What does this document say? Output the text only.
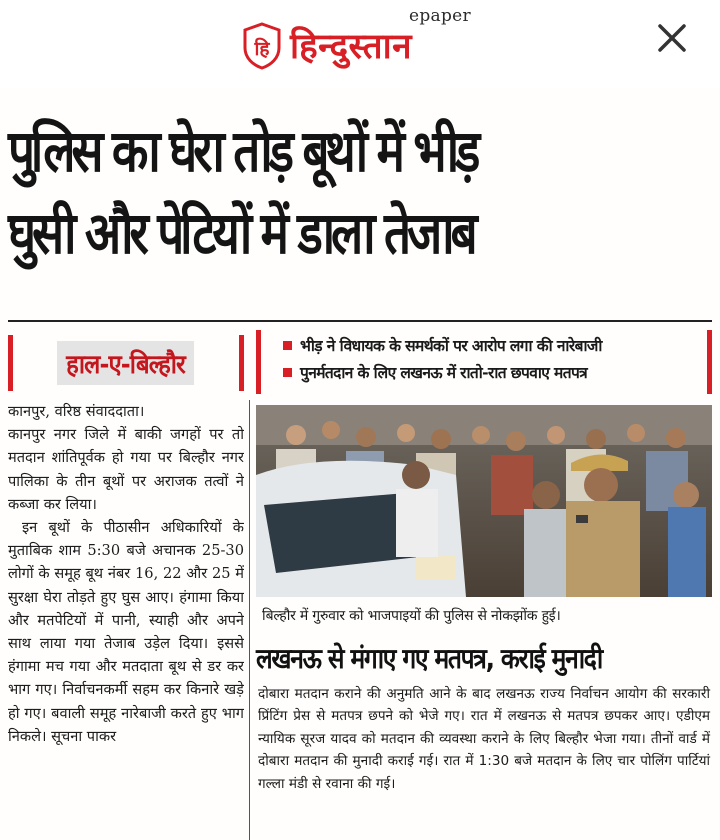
हि
epaper
हिन्दुस्तान
पुलिस का घेरा तोड़ बूथों में भीड़
घुसी और पेटियों में डाला तेजाब
हाल-ए-बिल्हौर
भीड़ ने विधायक के समर्थकों पर आरोप लगा की नारेबाजी
पुनर्मतदान के लिए लखनऊ में रातो-रात छपवाए मतपत्र

कानपुर, वरिष्ठ संवाददाता।

कानपुर नगर जिले में बाकी जगहों पर तो मतदान शांतिपूर्वक हो गया पर बिल्हौर नगर पालिका के तीन बूथों पर अराजक तत्वों ने कब्जा कर लिया।

इन बूथों के पीठासीन अधिकारियों के मुताबिक शाम 5:30 बजे अचानक 25-30 लोगों के समूह बूथ नंबर 16, 22 और 25 में सुरक्षा घेरा तोड़ते हुए घुस आए। हंगामा किया और मतपेटियों में पानी, स्याही और अपने साथ लाया गया तेजाब उड़ेल दिया। इससे हंगामा मच गया और मतदाता बूथ से डर कर भाग गए। निर्वाचनकर्मी सहम कर किनारे खड़े हो गए। बवाली समूह नारेबाजी करते हुए भाग निकले। सूचना पाकर

बिल्हौर में गुरुवार को भाजपाइयों की पुलिस से नोकझोंक हुई।
लखनऊ से मंगाए गए मतपत्र, कराई मुनादी

दोबारा मतदान कराने की अनुमति आने के बाद लखनऊ राज्य निर्वाचन आयोग की सरकारी प्रिंटिंग प्रेस से मतपत्र छपने को भेजे गए। रात में लखनऊ से मतपत्र छपकर आए। एडीएम न्यायिक सूरज यादव को मतदान की व्यवस्था कराने के लिए बिल्हौर भेजा गया। तीनों वार्ड में दोबारा मतदान की मुनादी कराई गई। रात में 1:30 बजे मतदान के लिए चार पोलिंग पार्टियां गल्ला मंडी से रवाना की गई।
